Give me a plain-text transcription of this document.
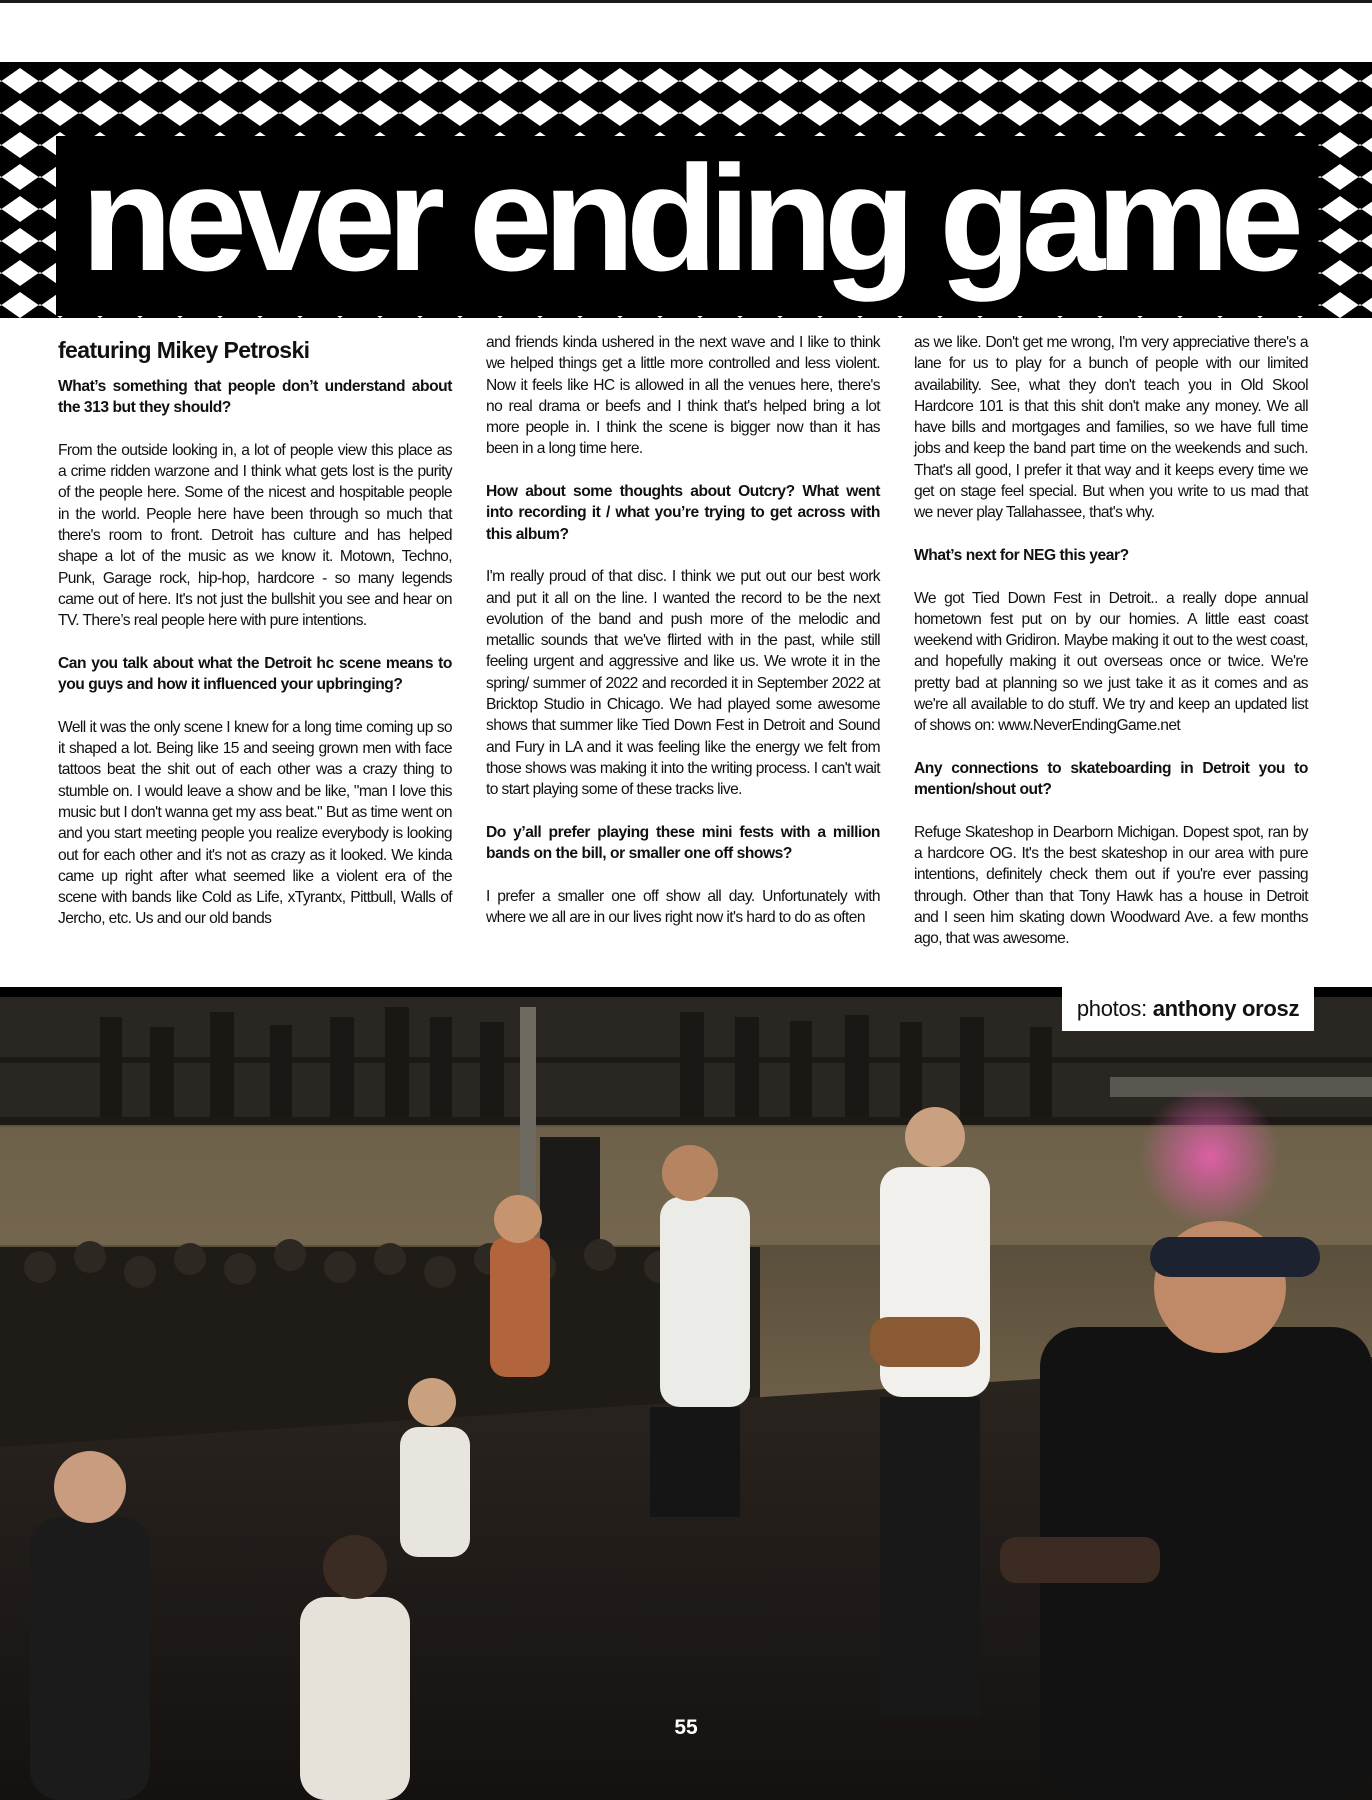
never ending game
featuring Mikey Petroski

What’s something that people don’t understand about the 313 but they should?

From the outside looking in, a lot of people view this place as a crime ridden warzone and I think what gets lost is the purity of the people here. Some of the nicest and hospitable people in the world. People here have been through so much that there's room to front. Detroit has culture and has helped shape a lot of the music as we know it. Motown, Techno, Punk, Garage rock, hip-hop, hardcore - so many legends came out of here. It's not just the bullshit you see and hear on TV. There’s real people here with pure intentions.

Can you talk about what the Detroit hc scene means to you guys and how it influenced your upbringing?

Well it was the only scene I knew for a long time coming up so it shaped a lot. Being like 15 and seeing grown men with face tattoos beat the shit out of each other was a crazy thing to stumble on. I would leave a show and be like, "man I love this music but I don't wanna get my ass beat." But as time went on and you start meeting people you realize everybody is looking out for each other and it's not as crazy as it looked. We kinda came up right after what seemed like a violent era of the scene with bands like Cold as Life, xTyrantx, Pittbull, Walls of Jercho, etc. Us and our old bands

and friends kinda ushered in the next wave and I like to think we helped things get a little more controlled and less violent. Now it feels like HC is allowed in all the venues here, there's no real drama or beefs and I think that's helped bring a lot more people in. I think the scene is bigger now than it has been in a long time here.

How about some thoughts about Outcry? What went into recording it / what you’re trying to get across with this album?

I'm really proud of that disc. I think we put out our best work and put it all on the line. I wanted the record to be the next evolution of the band and push more of the melodic and metallic sounds that we've flirted with in the past, while still feeling urgent and aggressive and like us. We wrote it in the spring/ summer of 2022 and recorded it in September 2022 at Bricktop Studio in Chicago. We had played some awesome shows that summer like Tied Down Fest in Detroit and Sound and Fury in LA and it was feeling like the energy we felt from those shows was making it into the writing process. I can't wait to start playing some of these tracks live.

Do y’all prefer playing these mini fests with a million bands on the bill, or smaller one off shows?

I prefer a smaller one off show all day. Unfortunately with where we all are in our lives right now it's hard to do as often

as we like. Don't get me wrong, I'm very appreciative there's a lane for us to play for a bunch of people with our limited availability. See, what they don't teach you in Old Skool Hardcore 101 is that this shit don't make any money. We all have bills and mortgages and families, so we have full time jobs and keep the band part time on the weekends and such. That's all good, I prefer it that way and it keeps every time we get on stage feel special. But when you write to us mad that we never play Tallahassee, that's why.

What’s next for NEG this year?

We got Tied Down Fest in Detroit.. a really dope annual hometown fest put on by our homies. A little east coast weekend with Gridiron. Maybe making it out to the west coast, and hopefully making it out overseas once or twice. We're pretty bad at planning so we just take it as it comes and as we're all available to do stuff. We try and keep an updated list of shows on: www.NeverEndingGame.net

Any connections to skateboarding in Detroit you to mention/shout out?

Refuge Skateshop in Dearborn Michigan. Dopest spot, ran by a hardcore OG. It's the best skateshop in our area with pure intentions, definitely check them out if you're ever passing through. Other than that Tony Hawk has a house in Detroit and I seen him skating down Woodward Ave. a few months ago, that was awesome.

photos: anthony orosz
55
